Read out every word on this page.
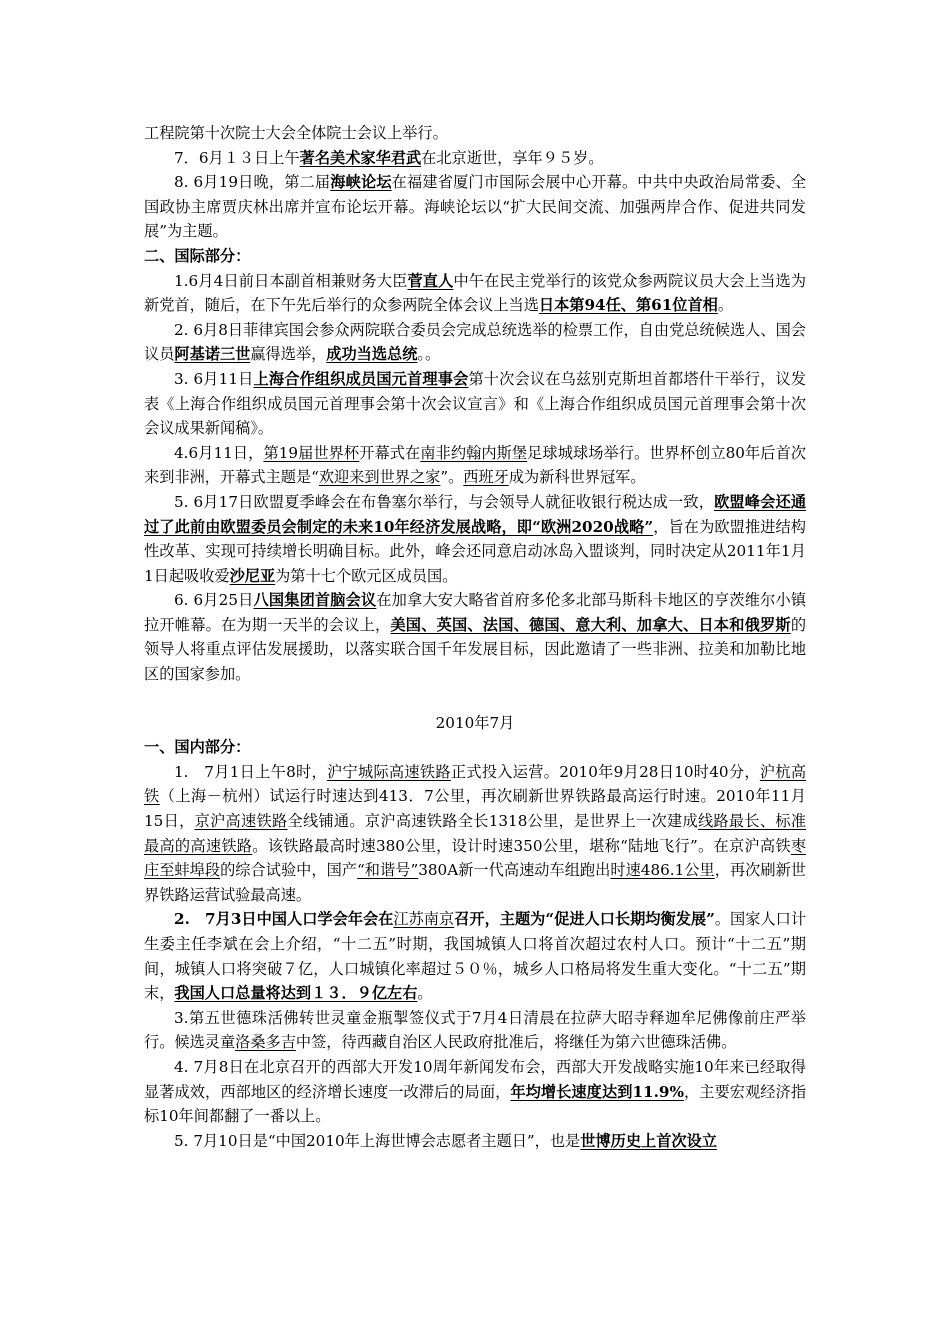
工程院第十次院士大会全体院士会议上举行。

7．6月１３日上午著名美术家华君武在北京逝世，享年９５岁。

8. 6月19日晚，第二届海峡论坛在福建省厦门市国际会展中心开幕。中共中央政治局常委、全国政协主席贾庆林出席并宣布论坛开幕。海峡论坛以“扩大民间交流、加强两岸合作、促进共同发展”为主题。

二、国际部分：

1.6月4日前日本副首相兼财务大臣菅直人中午在民主党举行的该党众参两院议员大会上当选为新党首，随后，在下午先后举行的众参两院全体会议上当选日本第94任、第61位首相。

2. 6月8日菲律宾国会参众两院联合委员会完成总统选举的检票工作，自由党总统候选人、国会议员阿基诺三世赢得选举，成功当选总统。。

3. 6月11日上海合作组织成员国元首理事会第十次会议在乌兹别克斯坦首都塔什干举行，议发表《上海合作组织成员国元首理事会第十次会议宣言》和《上海合作组织成员国元首理事会第十次会议成果新闻稿》。

4.6月11日，第19届世界杯开幕式在南非约翰内斯堡足球城球场举行。世界杯创立80年后首次来到非洲，开幕式主题是“欢迎来到世界之家”。西班牙成为新科世界冠军。

5. 6月17日欧盟夏季峰会在布鲁塞尔举行，与会领导人就征收银行税达成一致，欧盟峰会还通过了此前由欧盟委员会制定的未来10年经济发展战略，即“欧洲2020战略”，旨在为欧盟推进结构性改革、实现可持续增长明确目标。此外，峰会还同意启动冰岛入盟谈判，同时决定从2011年1月1日起吸收爱沙尼亚为第十七个欧元区成员国。

6. 6月25日八国集团首脑会议在加拿大安大略省首府多伦多北部马斯科卡地区的亨茨维尔小镇拉开帷幕。在为期一天半的会议上，美国、英国、法国、德国、意大利、加拿大、日本和俄罗斯的领导人将重点评估发展援助，以落实联合国千年发展目标，因此邀请了一些非洲、拉美和加勒比地区的国家参加。

2010年7月

一、国内部分：

1.　7月1日上午8时，沪宁城际高速铁路正式投入运营。2010年9月28日10时40分，沪杭高铁（上海－杭州）试运行时速达到413．7公里，再次刷新世界铁路最高运行时速。2010年11月15日，京沪高速铁路全线铺通。京沪高速铁路全长1318公里，是世界上一次建成线路最长、标准最高的高速铁路。该铁路最高时速380公里，设计时速350公里，堪称“陆地飞行”。在京沪高铁枣庄至蚌埠段的综合试验中，国产“和谐号”380A新一代高速动车组跑出时速486.1公里，再次刷新世界铁路运营试验最高速。

2.　7月3日中国人口学会年会在江苏南京召开，主题为“促进人口长期均衡发展”。国家人口计生委主任李斌在会上介绍，“十二五”时期，我国城镇人口将首次超过农村人口。预计“十二五”期间，城镇人口将突破７亿，人口城镇化率超过５０％，城乡人口格局将发生重大变化。“十二五”期末，我国人口总量将达到１３．９亿左右。

3.第五世德珠活佛转世灵童金瓶掣签仪式于7月4日清晨在拉萨大昭寺释迦牟尼佛像前庄严举行。候选灵童洛桑多吉中签，待西藏自治区人民政府批准后，将继任为第六世德珠活佛。

4. 7月8日在北京召开的西部大开发10周年新闻发布会，西部大开发战略实施10年来已经取得显著成效，西部地区的经济增长速度一改滞后的局面，年均增长速度达到11.9%，主要宏观经济指标10年间都翻了一番以上。

5. 7月10日是“中国2010年上海世博会志愿者主题日”，也是世博历史上首次设立
